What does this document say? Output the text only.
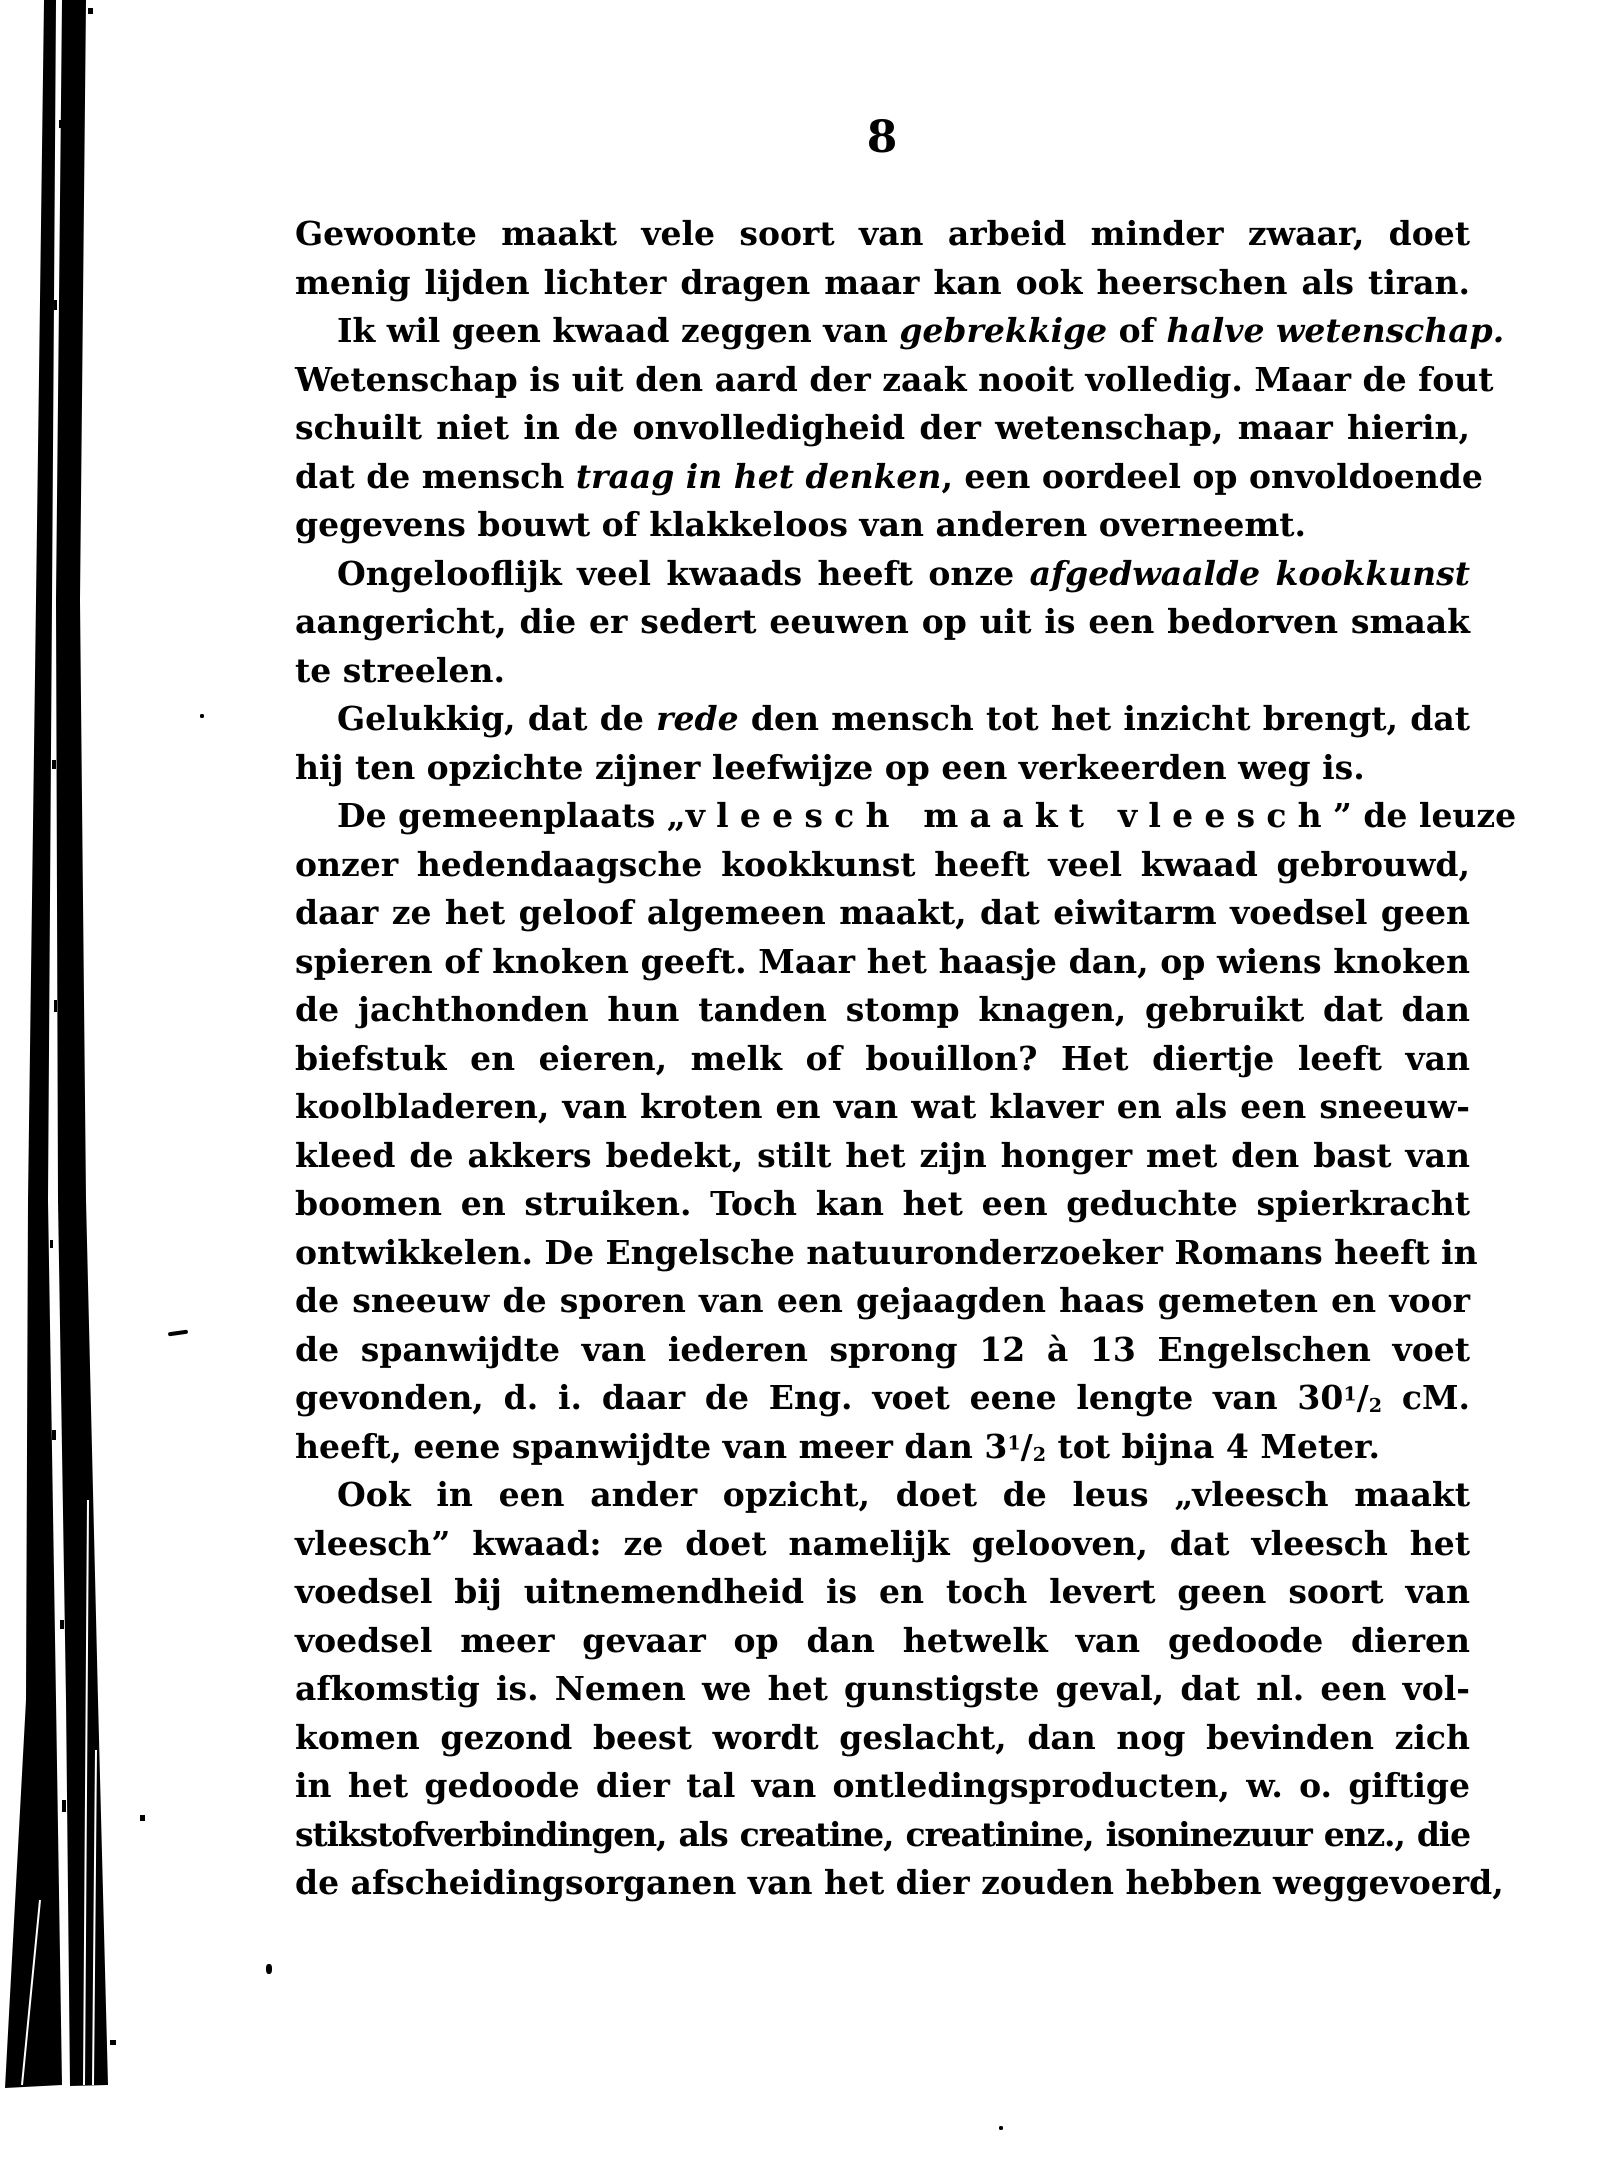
8
Gewoonte maakt vele soort van arbeid minder zwaar, doet
menig lijden lichter dragen maar kan ook heerschen als tiran.
Ik wil geen kwaad zeggen van gebrekkige of halve wetenschap.
Wetenschap is uit den aard der zaak nooit volledig. Maar de fout
schuilt niet in de onvolledigheid der wetenschap, maar hierin,
dat de mensch traag in het denken, een oordeel op onvoldoende
gegevens bouwt of klakkeloos van anderen overneemt.
Ongelooflijk veel kwaads heeft onze afgedwaalde kookkunst
aangericht, die er sedert eeuwen op uit is een bedorven smaak
te streelen.
Gelukkig, dat de rede den mensch tot het inzicht brengt, dat
hij ten opzichte zijner leefwijze op een verkeerden weg is.
De gemeenplaats „vleesch maakt vleesch” de leuze
onzer hedendaagsche kookkunst heeft veel kwaad gebrouwd,
daar ze het geloof algemeen maakt, dat eiwitarm voedsel geen
spieren of knoken geeft. Maar het haasje dan, op wiens knoken
de jachthonden hun tanden stomp knagen, gebruikt dat dan
biefstuk en eieren, melk of bouillon? Het diertje leeft van
koolbladeren, van kroten en van wat klaver en als een sneeuw-
kleed de akkers bedekt, stilt het zijn honger met den bast van
boomen en struiken. Toch kan het een geduchte spierkracht
ontwikkelen. De Engelsche natuuronderzoeker Romans heeft in
de sneeuw de sporen van een gejaagden haas gemeten en voor
de spanwijdte van iederen sprong 12 à 13 Engelschen voet
gevonden, d. i. daar de Eng. voet eene lengte van $30^1/_2$ cM.
heeft, eene spanwijdte van meer dan $3^1/_2$ tot bijna 4 Meter.
Ook in een ander opzicht, doet de leus „vleesch maakt
vleesch” kwaad: ze doet namelijk gelooven, dat vleesch het
voedsel bij uitnemendheid is en toch levert geen soort van
voedsel meer gevaar op dan hetwelk van gedoode dieren
afkomstig is. Nemen we het gunstigste geval, dat nl. een vol-
komen gezond beest wordt geslacht, dan nog bevinden zich
in het gedoode dier tal van ontledingsproducten, w. o. giftige
stikstofverbindingen, als creatine, creatinine, isoninezuur enz., die
de afscheidingsorganen van het dier zouden hebben weggevoerd,
